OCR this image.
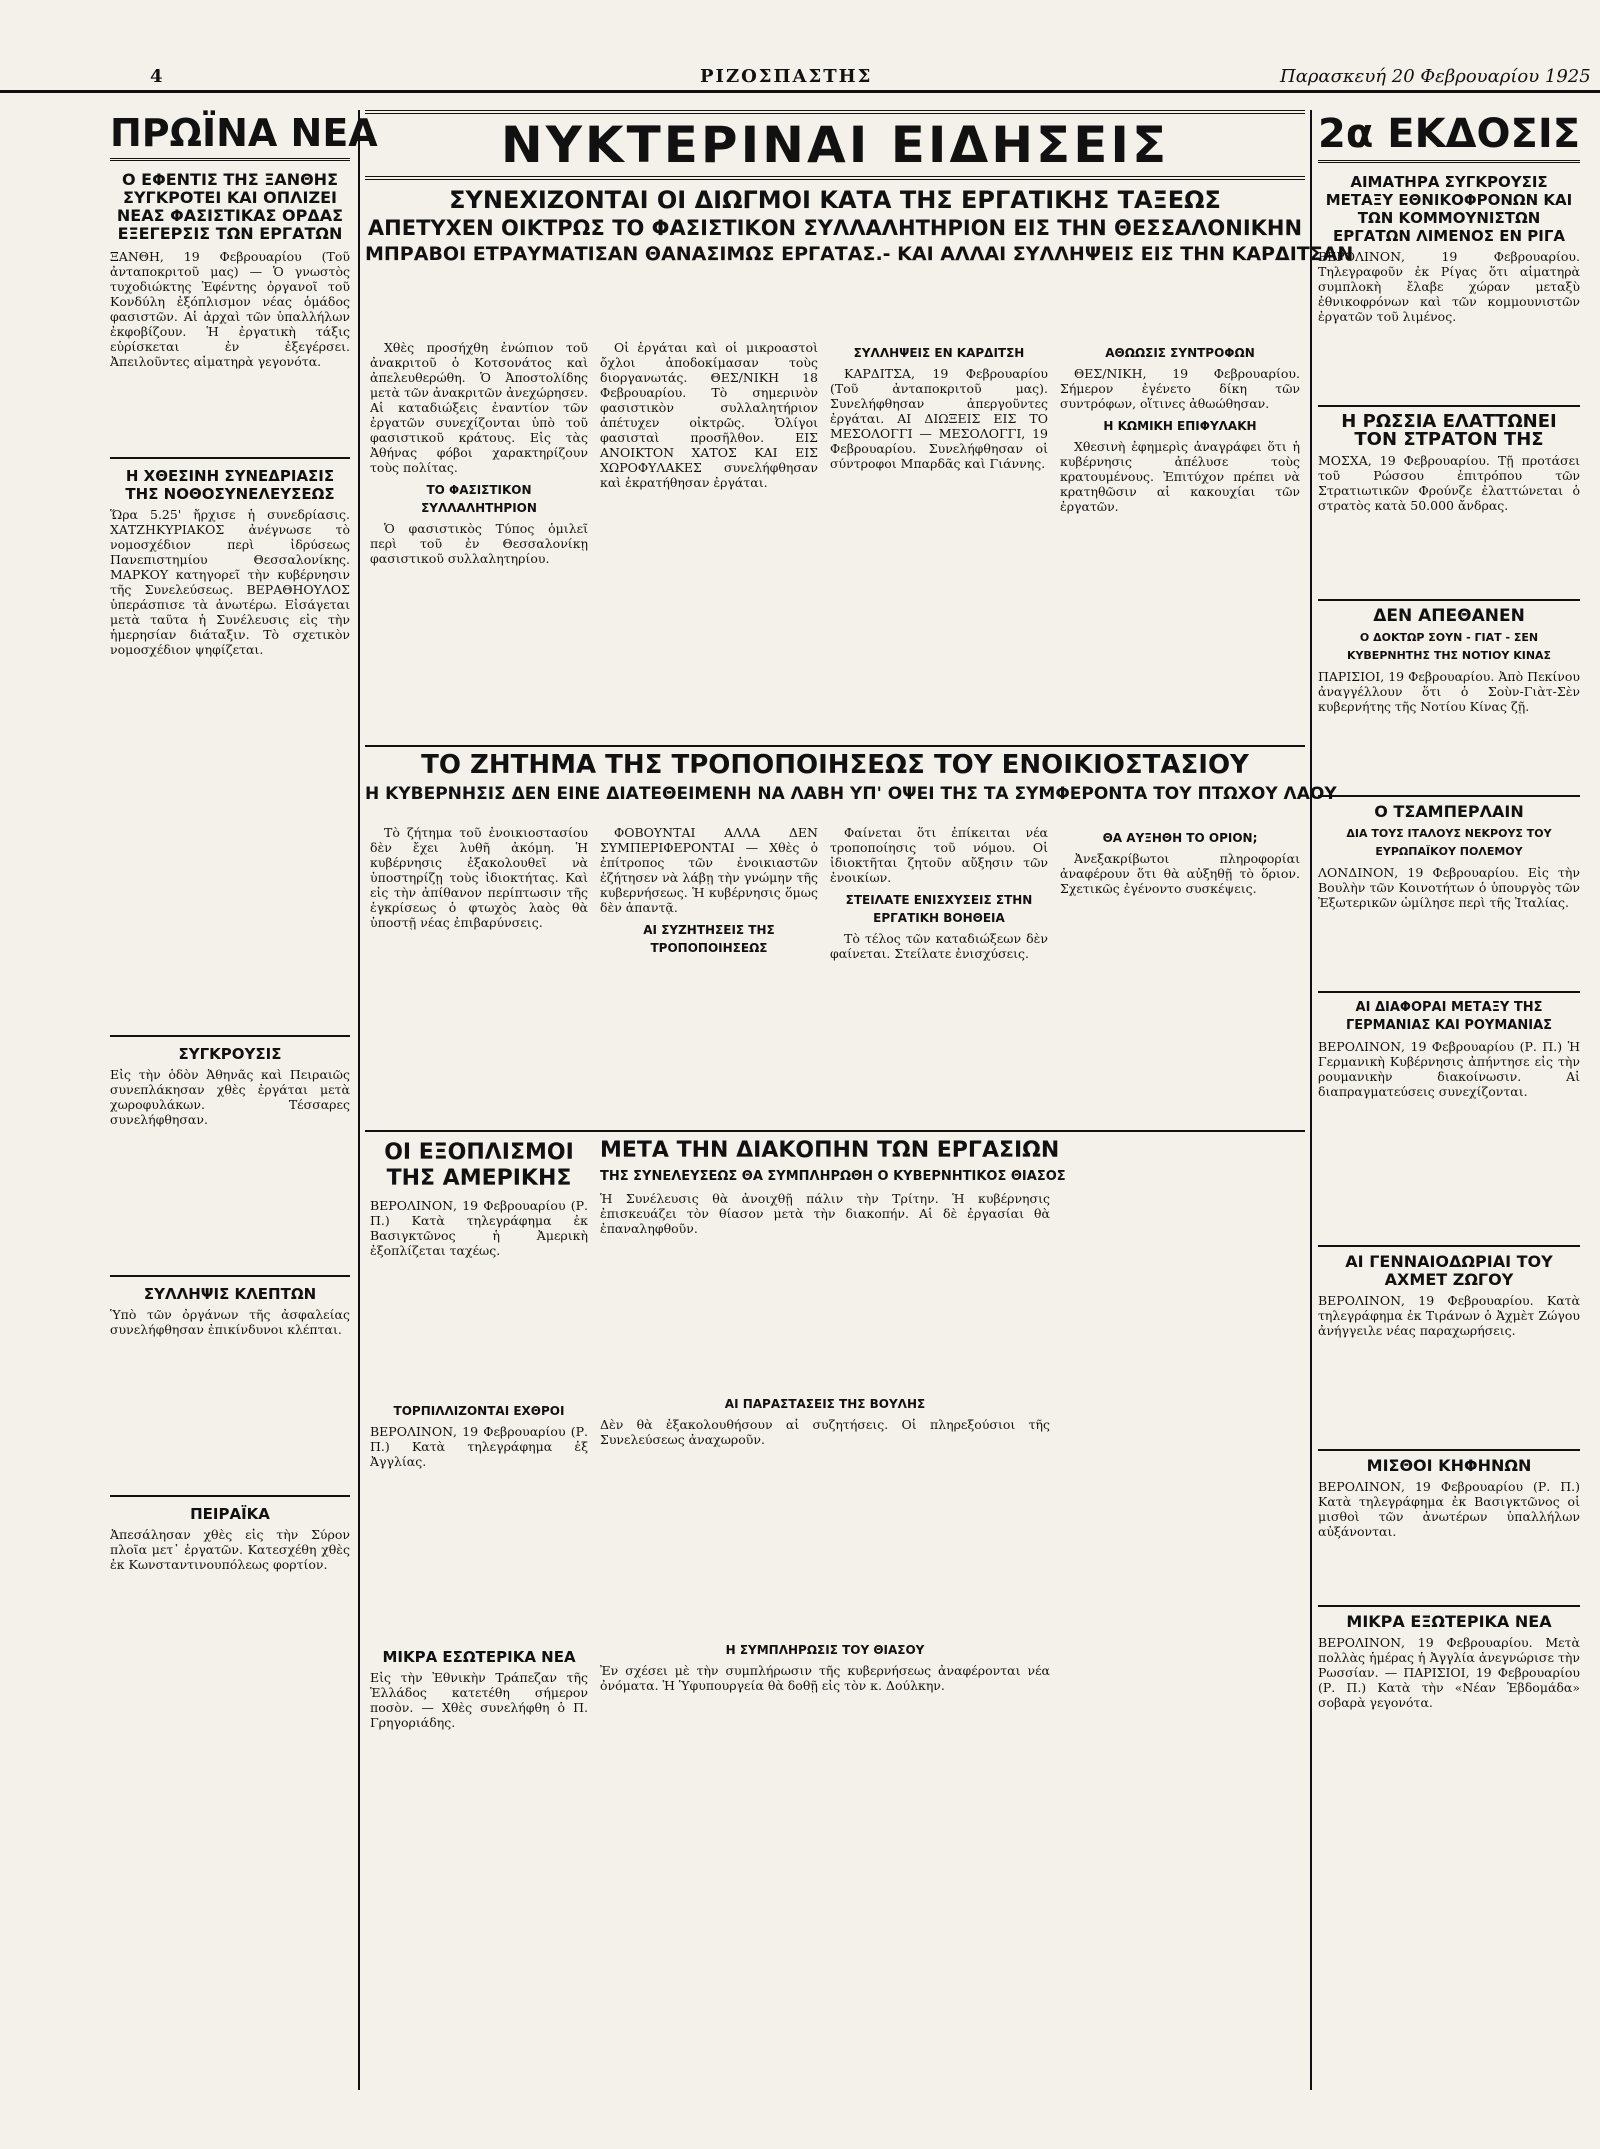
4	ΡΙΖΟΣΠΑΣΤΗΣ	Παρασκευή 20 Φεβρουαρίου 1925
ΠΡΩΪΝΑ ΝΕΑ
Ο ΕΦΕΝΤΙΣ ΤΗΣ ΞΑΝΘΗΣ ΣΥΓΚΡΟΤΕΙ ΚΑΙ ΟΠΛΙΖΕΙ ΝΕΑΣ ΦΑΣΙΣΤΙΚΑΣ ΟΡΔΑΣ ΕΞΕΓΕΡΣΙΣ ΤΩΝ ΕΡΓΑΤΩΝ
ΞΑΝΘΗ, 19 Φεβρουαρίου (Τοῦ ἀνταποκριτοῦ μας) — Ὁ γνωστὸς τυχοδιώκτης Ἐφέντης ὀργανοῖ τοῦ Κονδύλη ἐξόπλισμον νέας ὁμάδος φασιστῶν. Αἱ ἀρχαὶ τῶν ὑπαλλήλων ἐκφοβίζουν. Ἡ ἐργατικὴ τάξις εὑρίσκεται ἐν ἐξεγέρσει. Ἀπειλοῦντες αἱματηρὰ γεγονότα.
Η ΧΘΕΣΙΝΗ ΣΥΝΕΔΡΙΑΣΙΣ ΤΗΣ ΝΟΘΟΣΥΝΕΛΕΥΣΕΩΣ
Ὥρα 5.25' ἤρχισε ἡ συνεδρίασις. ΧΑΤΖΗΚΥΡΙΑΚΟΣ ἀνέγνωσε τὸ νομοσχέδιον περὶ ἰδρύσεως Πανεπιστημίου Θεσσαλονίκης. ΜΑΡΚΟΥ κατηγορεῖ τὴν κυβέρνησιν τῆς Συνελεύσεως. ΒΕΡΑΘΗΟΥΛΟΣ ὑπεράσπισε τὰ ἀνωτέρω. Εἰσάγεται μετὰ ταῦτα ἡ Συνέλευσις εἰς τὴν ἡμερησίαν διάταξιν. Τὸ σχετικὸν νομοσχέδιον ψηφίζεται.
ΣΥΓΚΡΟΥΣΙΣ
Εἰς τὴν ὁδὸν Ἀθηνᾶς καὶ Πειραιῶς συνεπλάκησαν χθὲς ἐργάται μετὰ χωροφυλάκων. Τέσσαρες συνελήφθησαν.
ΣΥΛΛΗΨΙΣ ΚΛΕΠΤΩΝ
Ὑπὸ τῶν ὀργάνων τῆς ἀσφαλείας συνελήφθησαν ἐπικίνδυνοι κλέπται.
ΠΕΙΡΑΪΚΑ
Ἀπεσάλησαν χθὲς εἰς τὴν Σύρον πλοῖα μετ᾽ ἐργατῶν. Κατεσχέθη χθὲς ἐκ Κωνσταντινουπόλεως φορτίον.
ΝΥΚΤΕΡΙΝΑΙ ΕΙΔΗΣΕΙΣ
ΣΥΝΕΧΙΖΟΝΤΑΙ ΟΙ ΔΙΩΓΜΟΙ ΚΑΤΑ ΤΗΣ ΕΡΓΑΤΙΚΗΣ ΤΑΞΕΩΣ
ΑΠΕΤΥΧΕΝ ΟΙΚΤΡΩΣ ΤΟ ΦΑΣΙΣΤΙΚΟΝ ΣΥΛΛΑΛΗΤΗΡΙΟΝ ΕΙΣ ΤΗΝ ΘΕΣΣΑΛΟΝΙΚΗΝ
ΜΠΡΑΒΟΙ ΕΤΡΑΥΜΑΤΙΣΑΝ ΘΑΝΑΣΙΜΩΣ ΕΡΓΑΤΑΣ.- ΚΑΙ ΑΛΛΑΙ ΣΥΛΛΗΨΕΙΣ ΕΙΣ ΤΗΝ ΚΑΡΔΙΤΣΑΝ

Χθὲς προσήχθη ἐνώπιον τοῦ ἀνακριτοῦ ὁ Κοτσονάτος καὶ ἀπελευθερώθη. Ὁ Ἀποστολίδης μετὰ τῶν ἀνακριτῶν ἀνεχώρησεν. Αἱ καταδιώξεις ἐναντίον τῶν ἐργατῶν συνεχίζονται ὑπὸ τοῦ φασιστικοῦ κράτους. Εἰς τὰς Ἀθήνας φόβοι χαρακτηρίζουν τοὺς πολίτας.

ΤΟ ΦΑΣΙΣΤΙΚΟΝ ΣΥΛΛΑΛΗΤΗΡΙΟΝ

Ὁ φασιστικὸς Τύπος ὁμιλεῖ περὶ τοῦ ἐν Θεσσαλονίκῃ φασιστικοῦ συλλαλητηρίου.

Οἱ ἐργάται καὶ οἱ μικροαστοὶ ὄχλοι ἀποδοκίμασαν τοὺς διοργανωτάς. ΘΕΣ/ΝΙΚΗ 18 Φεβρουαρίου. Τὸ σημερινὸν φασιστικὸν συλλαλητήριον ἀπέτυχεν οἰκτρῶς. Ὀλίγοι φασισταὶ προσῆλθον. ΕΙΣ ΑΝΟΙΚΤΟΝ ΧΑΤΟΣ ΚΑΙ ΕΙΣ ΧΩΡΟΦΥΛΑΚΕΣ συνελήφθησαν καὶ ἐκρατήθησαν ἐργάται.

ΣΥΛΛΗΨΕΙΣ ΕΝ ΚΑΡΔΙΤΣΗ

ΚΑΡΔΙΤΣΑ, 19 Φεβρουαρίου (Τοῦ ἀνταποκριτοῦ μας). Συνελήφθησαν ἀπεργοῦντες ἐργάται. ΑΙ ΔΙΩΞΕΙΣ ΕΙΣ ΤΟ ΜΕΣΟΛΟΓΓΙ — ΜΕΣΟΛΟΓΓΙ, 19 Φεβρουαρίου. Συνελήφθησαν οἱ σύντροφοι Μπαρδᾶς καὶ Γιάννης.

ΑΘΩΩΣΙΣ ΣΥΝΤΡΟΦΩΝ

ΘΕΣ/ΝΙΚΗ, 19 Φεβρουαρίου. Σήμερον ἐγένετο δίκη τῶν συντρόφων, οἵτινες ἀθωώθησαν.

Η ΚΩΜΙΚΗ ΕΠΙΦΥΛΑΚΗ

Χθεσινὴ ἐφημερὶς ἀναγράφει ὅτι ἡ κυβέρνησις ἀπέλυσε τοὺς κρατουμένους. Ἐπιτύχον πρέπει νὰ κρατηθῶσιν αἱ κακουχίαι τῶν ἐργατῶν.

ΤΟ ΖΗΤΗΜΑ ΤΗΣ ΤΡΟΠΟΠΟΙΗΣΕΩΣ ΤΟΥ ΕΝΟΙΚΙΟΣΤΑΣΙΟΥ
Η ΚΥΒΕΡΝΗΣΙΣ ΔΕΝ ΕΙΝΕ ΔΙΑΤΕΘΕΙΜΕΝΗ ΝΑ ΛΑΒΗ ΥΠ' ΟΨΕΙ ΤΗΣ ΤΑ ΣΥΜΦΕΡΟΝΤΑ ΤΟΥ ΠΤΩΧΟΥ ΛΑΟΥ

Τὸ ζήτημα τοῦ ἐνοικιοστασίου δὲν ἔχει λυθῆ ἀκόμη. Ἡ κυβέρνησις ἐξακολουθεῖ νὰ ὑποστηρίζῃ τοὺς ἰδιοκτήτας. Καὶ εἰς τὴν ἀπίθανον περίπτωσιν τῆς ἐγκρίσεως ὁ φτωχὸς λαὸς θὰ ὑποστῇ νέας ἐπιβαρύνσεις.

ΦΟΒΟΥΝΤΑΙ ΑΛΛΑ ΔΕΝ ΣΥΜΠΕΡΙΦΕΡΟΝΤΑΙ — Χθὲς ὁ ἐπίτροπος τῶν ἐνοικιαστῶν ἐζήτησεν νὰ λάβῃ τὴν γνώμην τῆς κυβερνήσεως. Ἡ κυβέρνησις ὅμως δὲν ἀπαντᾷ.

ΑΙ ΣΥΖΗΤΗΣΕΙΣ ΤΗΣ ΤΡΟΠΟΠΟΙΗΣΕΩΣ

Φαίνεται ὅτι ἐπίκειται νέα τροποποίησις τοῦ νόμου. Οἱ ἰδιοκτῆται ζητοῦν αὔξησιν τῶν ἐνοικίων.

ΣΤΕΙΛΑΤΕ ΕΝΙΣΧΥΣΕΙΣ ΣΤΗΝ ΕΡΓΑΤΙΚΗ ΒΟΗΘΕΙΑ

Τὸ τέλος τῶν καταδιώξεων δὲν φαίνεται. Στείλατε ἐνισχύσεις.

ΘΑ ΑΥΞΗΘΗ ΤΟ ΟΡΙΟΝ;

Ἀνεξακρίβωτοι πληροφορίαι ἀναφέρουν ὅτι θὰ αὐξηθῇ τὸ ὅριον. Σχετικῶς ἐγένοντο συσκέψεις.

ΟΙ ΕΞΟΠΛΙΣΜΟΙ ΤΗΣ ΑΜΕΡΙΚΗΣ
ΒΕΡΟΛΙΝΟΝ, 19 Φεβρουαρίου (Ρ. Π.) Κατὰ τηλεγράφημα ἐκ Βασιγκτῶνος ἡ Ἀμερικὴ ἐξοπλίζεται ταχέως.
ΤΟΡΠΙΛΛΙΖΟΝΤΑΙ ΕΧΘΡΟΙ
ΒΕΡΟΛΙΝΟΝ, 19 Φεβρουαρίου (Ρ. Π.) Κατὰ τηλεγράφημα ἐξ Ἀγγλίας.
ΜΙΚΡΑ ΕΣΩΤΕΡΙΚΑ ΝΕΑ
Εἰς τὴν Ἐθνικὴν Τράπεζαν τῆς Ἑλλάδος κατετέθη σήμερον ποσὸν. — Χθὲς συνελήφθη ὁ Π. Γρηγοριάδης.
ΜΕΤΑ ΤΗΝ ΔΙΑΚΟΠΗΝ ΤΩΝ ΕΡΓΑΣΙΩΝ
ΤΗΣ ΣΥΝΕΛΕΥΣΕΩΣ ΘΑ ΣΥΜΠΛΗΡΩΘΗ Ο ΚΥΒΕΡΝΗΤΙΚΟΣ ΘΙΑΣΟΣ
Ἡ Συνέλευσις θὰ ἀνοιχθῇ πάλιν τὴν Τρίτην. Ἡ κυβέρνησις ἐπισκευάζει τὸν θίασον μετὰ τὴν διακοπήν. Αἱ δὲ ἐργασίαι θὰ ἐπαναληφθοῦν.
ΑΙ ΠΑΡΑΣΤΑΣΕΙΣ ΤΗΣ ΒΟΥΛΗΣ
Δὲν θὰ ἐξακολουθήσουν αἱ συζητήσεις. Οἱ πληρεξούσιοι τῆς Συνελεύσεως ἀναχωροῦν.
Η ΣΥΜΠΛΗΡΩΣΙΣ ΤΟΥ ΘΙΑΣΟΥ
Ἐν σχέσει μὲ τὴν συμπλήρωσιν τῆς κυβερνήσεως ἀναφέρονται νέα ὀνόματα. Ἡ Ὑφυπουργεία θὰ δοθῇ εἰς τὸν κ. Δούλκην.
2α ΕΚΔΟΣΙΣ
ΑΙΜΑΤΗΡΑ ΣΥΓΚΡΟΥΣΙΣ ΜΕΤΑΞΥ ΕΘΝΙΚΟΦΡΟΝΩΝ ΚΑΙ ΤΩΝ ΚΟΜΜΟΥΝΙΣΤΩΝ ΕΡΓΑΤΩΝ ΛΙΜΕΝΟΣ ΕΝ ΡΙΓΑ
ΒΕΡΟΛΙΝΟΝ, 19 Φεβρουαρίου. Τηλεγραφοῦν ἐκ Ρίγας ὅτι αἱματηρὰ συμπλοκὴ ἔλαβε χώραν μεταξὺ ἐθνικοφρόνων καὶ τῶν κομμουνιστῶν ἐργατῶν τοῦ λιμένος.
Η ΡΩΣΣΙΑ ΕΛΑΤΤΩΝΕΙ ΤΟΝ ΣΤΡΑΤΟΝ ΤΗΣ
ΜΟΣΧΑ, 19 Φεβρουαρίου. Τῇ προτάσει τοῦ Ρώσσου ἐπιτρόπου τῶν Στρατιωτικῶν Φρούνζε ἐλαττώνεται ὁ στρατὸς κατὰ 50.000 ἄνδρας.
ΔΕΝ ΑΠΕΘΑΝΕΝ
Ο ΔΟΚΤΩΡ ΣΟΥΝ - ΓΙΑΤ - ΣΕΝ ΚΥΒΕΡΝΗΤΗΣ ΤΗΣ ΝΟΤΙΟΥ ΚΙΝΑΣ
ΠΑΡΙΣΙΟΙ, 19 Φεβρουαρίου. Ἀπὸ Πεκίνου ἀναγγέλλουν ὅτι ὁ Σοὺν-Γιὰτ-Σὲν κυβερνήτης τῆς Νοτίου Κίνας ζῇ.
Ο ΤΣΑΜΠΕΡΛΑΙΝ
ΔΙΑ ΤΟΥΣ ΙΤΑΛΟΥΣ ΝΕΚΡΟΥΣ ΤΟΥ ΕΥΡΩΠΑΪΚΟΥ ΠΟΛΕΜΟΥ
ΛΟΝΔΙΝΟΝ, 19 Φεβρουαρίου. Εἰς τὴν Βουλὴν τῶν Κοινοτήτων ὁ ὑπουργὸς τῶν Ἐξωτερικῶν ὡμίλησε περὶ τῆς Ἰταλίας.
ΑΙ ΔΙΑΦΟΡΑΙ ΜΕΤΑΞΥ ΤΗΣ ΓΕΡΜΑΝΙΑΣ ΚΑΙ ΡΟΥΜΑΝΙΑΣ
ΒΕΡΟΛΙΝΟΝ, 19 Φεβρουαρίου (Ρ. Π.) Ἡ Γερμανικὴ Κυβέρνησις ἀπήντησε εἰς τὴν ρουμανικὴν διακοίνωσιν. Αἱ διαπραγματεύσεις συνεχίζονται.
ΑΙ ΓΕΝΝΑΙΟΔΩΡΙΑΙ ΤΟΥ ΑΧΜΕΤ ΖΩΓΟΥ
ΒΕΡΟΛΙΝΟΝ, 19 Φεβρουαρίου. Κατὰ τηλεγράφημα ἐκ Τιράνων ὁ Ἀχμὲτ Ζώγου ἀνήγγειλε νέας παραχωρήσεις.
ΜΙΣΘΟΙ ΚΗΦΗΝΩΝ
ΒΕΡΟΛΙΝΟΝ, 19 Φεβρουαρίου (Ρ. Π.) Κατὰ τηλεγράφημα ἐκ Βασιγκτῶνος οἱ μισθοὶ τῶν ἀνωτέρων ὑπαλλήλων αὐξάνονται.
ΜΙΚΡΑ ΕΞΩΤΕΡΙΚΑ ΝΕΑ
ΒΕΡΟΛΙΝΟΝ, 19 Φεβρουαρίου. Μετὰ πολλὰς ἡμέρας ἡ Ἀγγλία ἀνεγνώρισε τὴν Ρωσσίαν. — ΠΑΡΙΣΙΟΙ, 19 Φεβρουαρίου (Ρ. Π.) Κατὰ τὴν «Νέαν Ἑβδομάδα» σοβαρὰ γεγονότα.
